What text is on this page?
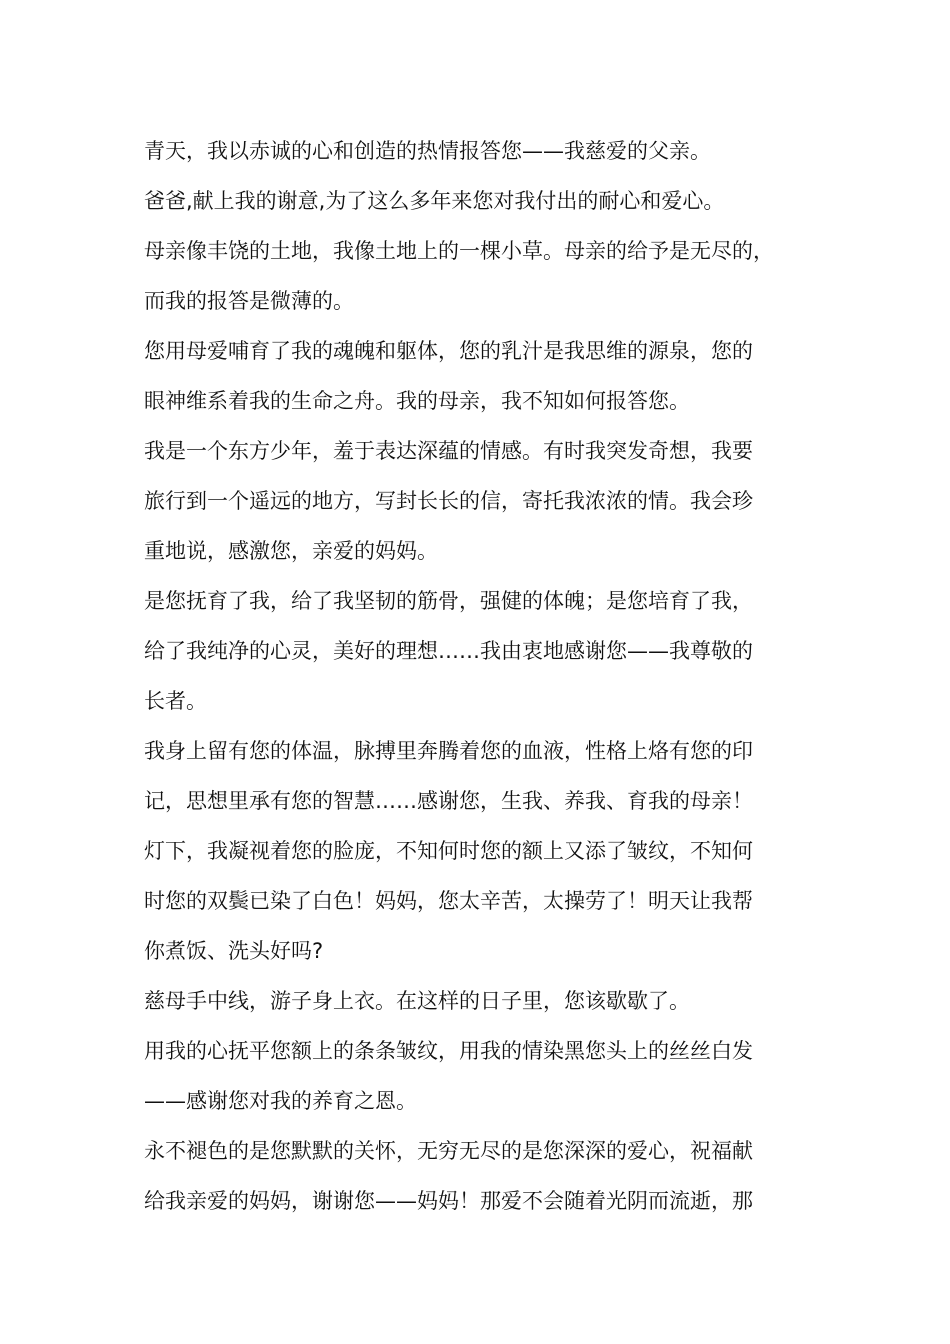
青天，我以赤诚的心和创造的热情报答您——我慈爱的父亲。
爸爸,献上我的谢意,为了这么多年来您对我付出的耐心和爱心。
母亲像丰饶的土地，我像土地上的一棵小草。母亲的给予是无尽的，
而我的报答是微薄的。
您用母爱哺育了我的魂魄和躯体，您的乳汁是我思维的源泉，您的
眼神维系着我的生命之舟。我的母亲，我不知如何报答您。
我是一个东方少年，羞于表达深蕴的情感。有时我突发奇想，我要
旅行到一个遥远的地方，写封长长的信，寄托我浓浓的情。我会珍
重地说，感激您，亲爱的妈妈。
是您抚育了我，给了我坚韧的筋骨，强健的体魄；是您培育了我，
给了我纯净的心灵，美好的理想……我由衷地感谢您——我尊敬的
长者。
我身上留有您的体温，脉搏里奔腾着您的血液，性格上烙有您的印
记，思想里承有您的智慧……感谢您，生我、养我、育我的母亲！
灯下，我凝视着您的脸庞，不知何时您的额上又添了皱纹，不知何
时您的双鬓已染了白色！妈妈，您太辛苦，太操劳了！明天让我帮
你煮饭、洗头好吗?
慈母手中线，游子身上衣。在这样的日子里，您该歇歇了。
用我的心抚平您额上的条条皱纹，用我的情染黑您头上的丝丝白发
——感谢您对我的养育之恩。
永不褪色的是您默默的关怀，无穷无尽的是您深深的爱心，祝福献
给我亲爱的妈妈，谢谢您——妈妈！那爱不会随着光阴而流逝，那
